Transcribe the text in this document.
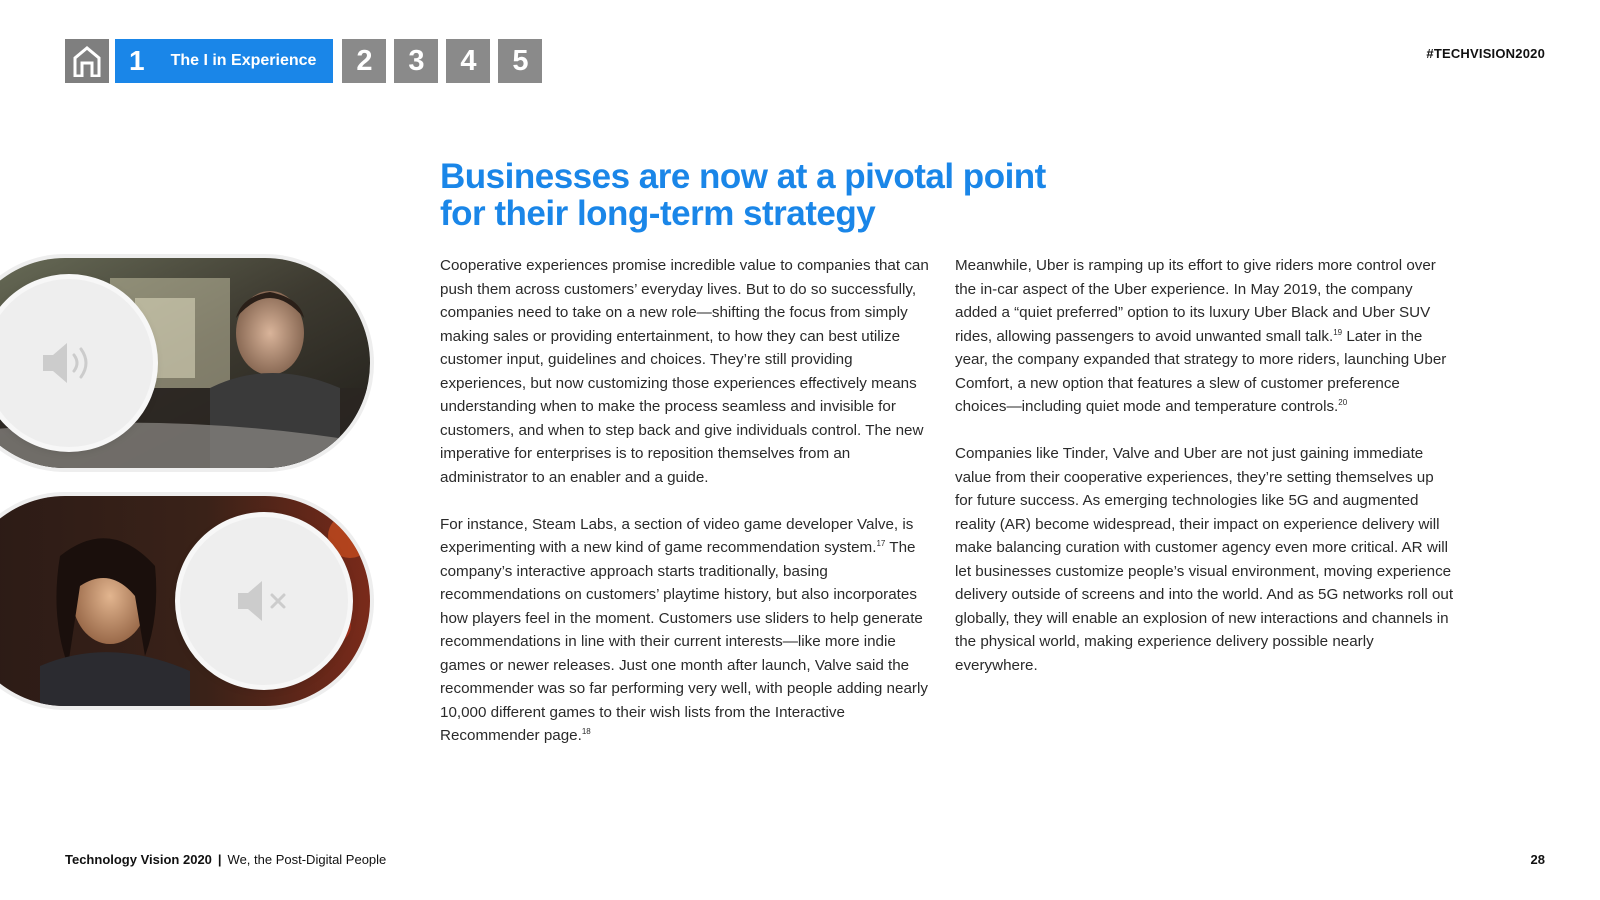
1 The I in Experience	2	3	4	5	#TECHVISION2020
Businesses are now at a pivotal point
for their long-term strategy

Cooperative experiences promise incredible value to companies that can push them across customers’ everyday lives. But to do so successfully, companies need to take on a new role—shifting the focus from simply making sales or providing entertainment, to how they can best utilize customer input, guidelines and choices. They’re still providing experiences, but now customizing those experiences effectively means understanding when to make the process seamless and invisible for customers, and when to step back and give individuals control. The new imperative for enterprises is to reposition themselves from an administrator to an enabler and a guide.

For instance, Steam Labs, a section of video game developer Valve, is experimenting with a new kind of game recommendation system.$^{17}$ The company’s interactive approach starts traditionally, basing recommendations on customers’ playtime history, but also incorporates how players feel in the moment. Customers use sliders to help generate recommendations in line with their current interests—like more indie games or newer releases. Just one month after launch, Valve said the recommender was so far performing very well, with people adding nearly 10,000 different games to their wish lists from the Interactive Recommender page.$^{18}$

Meanwhile, Uber is ramping up its effort to give riders more control over the in-car aspect of the Uber experience. In May 2019, the company added a “quiet preferred” option to its luxury Uber Black and Uber SUV rides, allowing passengers to avoid unwanted small talk.$^{19}$ Later in the year, the company expanded that strategy to more riders, launching Uber Comfort, a new option that features a slew of customer preference choices—including quiet mode and temperature controls.$^{20}$

Companies like Tinder, Valve and Uber are not just gaining immediate value from their cooperative experiences, they’re setting themselves up for future success. As emerging technologies like 5G and augmented reality (AR) become widespread, their impact on experience delivery will make balancing curation with customer agency even more critical. AR will let businesses customize people’s visual environment, moving experience delivery outside of screens and into the world. And as 5G networks roll out globally, they will enable an explosion of new interactions and channels in the physical world, making experience delivery possible nearly everywhere.

Technology Vision 2020 | We, the Post-Digital People	28
